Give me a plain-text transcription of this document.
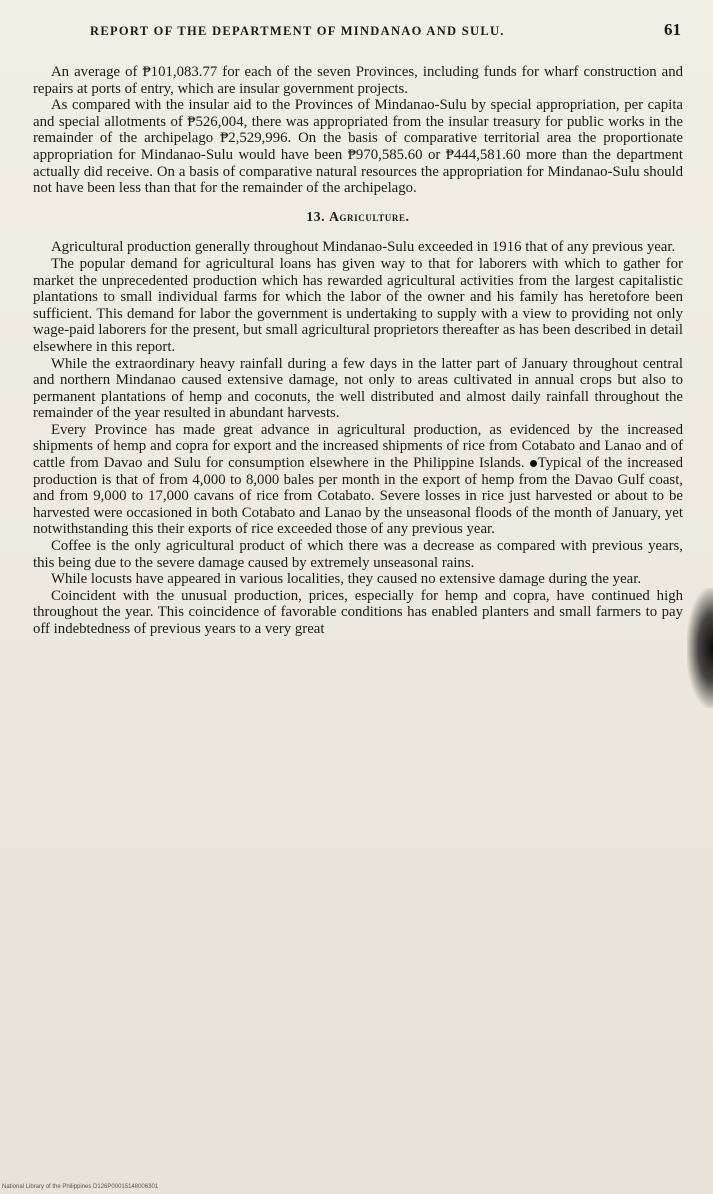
REPORT OF THE DEPARTMENT OF MINDANAO AND SULU.	61

An average of ₱101,083.77 for each of the seven Provinces, including funds for wharf construction and repairs at ports of entry, which are insular government projects.

As compared with the insular aid to the Provinces of Mindanao-Sulu by special appropriation, per capita and special allotments of ₱526,004, there was appropriated from the insular treasury for public works in the remainder of the archipelago ₱2,529,996. On the basis of comparative territorial area the proportionate appropriation for Mindanao-Sulu would have been ₱970,585.60 or ₱444,581.60 more than the department actually did receive. On a basis of comparative natural resources the appropriation for Mindanao-Sulu should not have been less than that for the remainder of the archipelago.

13. Agriculture.

Agricultural production generally throughout Mindanao-Sulu exceeded in 1916 that of any previous year.

The popular demand for agricultural loans has given way to that for laborers with which to gather for market the unprecedented production which has rewarded agricultural activities from the largest capitalistic plantations to small individual farms for which the labor of the owner and his family has heretofore been sufficient. This demand for labor the government is undertaking to supply with a view to providing not only wage-paid laborers for the present, but small agricultural proprietors thereafter as has been described in detail elsewhere in this report.

While the extraordinary heavy rainfall during a few days in the latter part of January throughout central and northern Mindanao caused extensive damage, not only to areas cultivated in annual crops but also to permanent plantations of hemp and coconuts, the well distributed and almost daily rainfall throughout the remainder of the year resulted in abundant harvests.

Every Province has made great advance in agricultural production, as evidenced by the increased shipments of hemp and copra for export and the increased shipments of rice from Cotabato and Lanao and of cattle from Davao and Sulu for consumption elsewhere in the Philippine Islands. Typical of the increased production is that of from 4,000 to 8,000 bales per month in the export of hemp from the Davao Gulf coast, and from 9,000 to 17,000 cavans of rice from Cotabato. Severe losses in rice just harvested or about to be harvested were occasioned in both Cotabato and Lanao by the unseasonal floods of the month of January, yet notwithstanding this their exports of rice exceeded those of any previous year.

Coffee is the only agricultural product of which there was a decrease as compared with previous years, this being due to the severe damage caused by extremely unseasonal rains.

While locusts have appeared in various localities, they caused no extensive damage during the year.

Coincident with the unusual production, prices, especially for hemp and copra, have continued high throughout the year. This coincidence of favorable conditions has enabled planters and small farmers to pay off indebtedness of previous years to a very great

National Library of the Philippines D126P00015148006301
